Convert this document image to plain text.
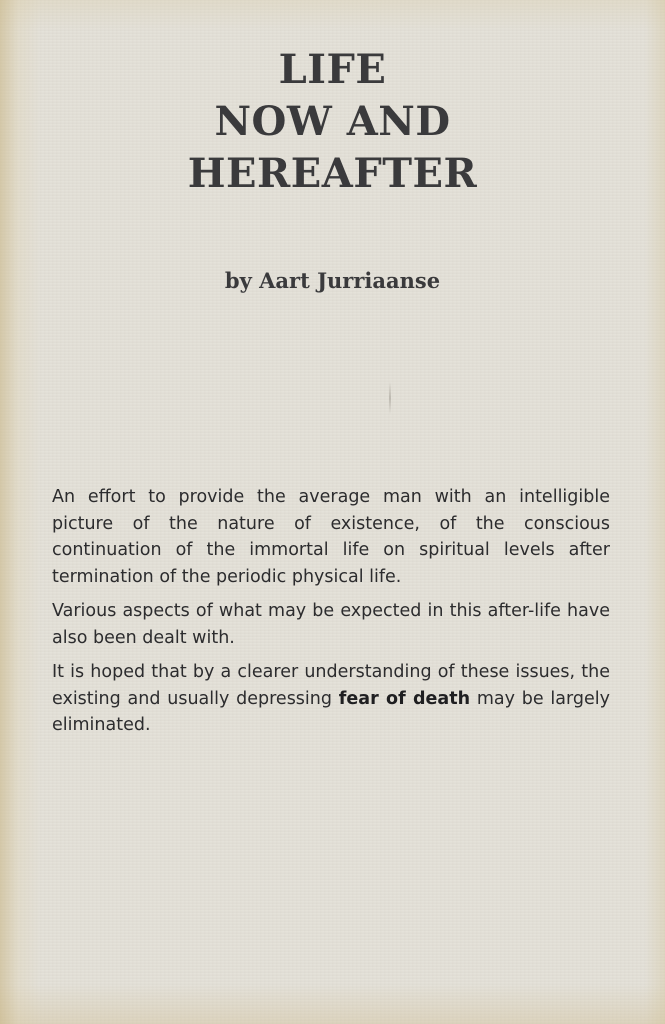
LIFE
NOW AND
HEREAFTER
by Aart Jurriaanse

An effort to provide the average man with an intelligible picture of the nature of existence, of the conscious continuation of the immortal life on spiritual levels after termination of the periodic physical life.

Various aspects of what may be expected in this after-life have also been dealt with.

It is hoped that by a clearer understanding of these issues, the existing and usually depressing fear of death may be largely eliminated.
